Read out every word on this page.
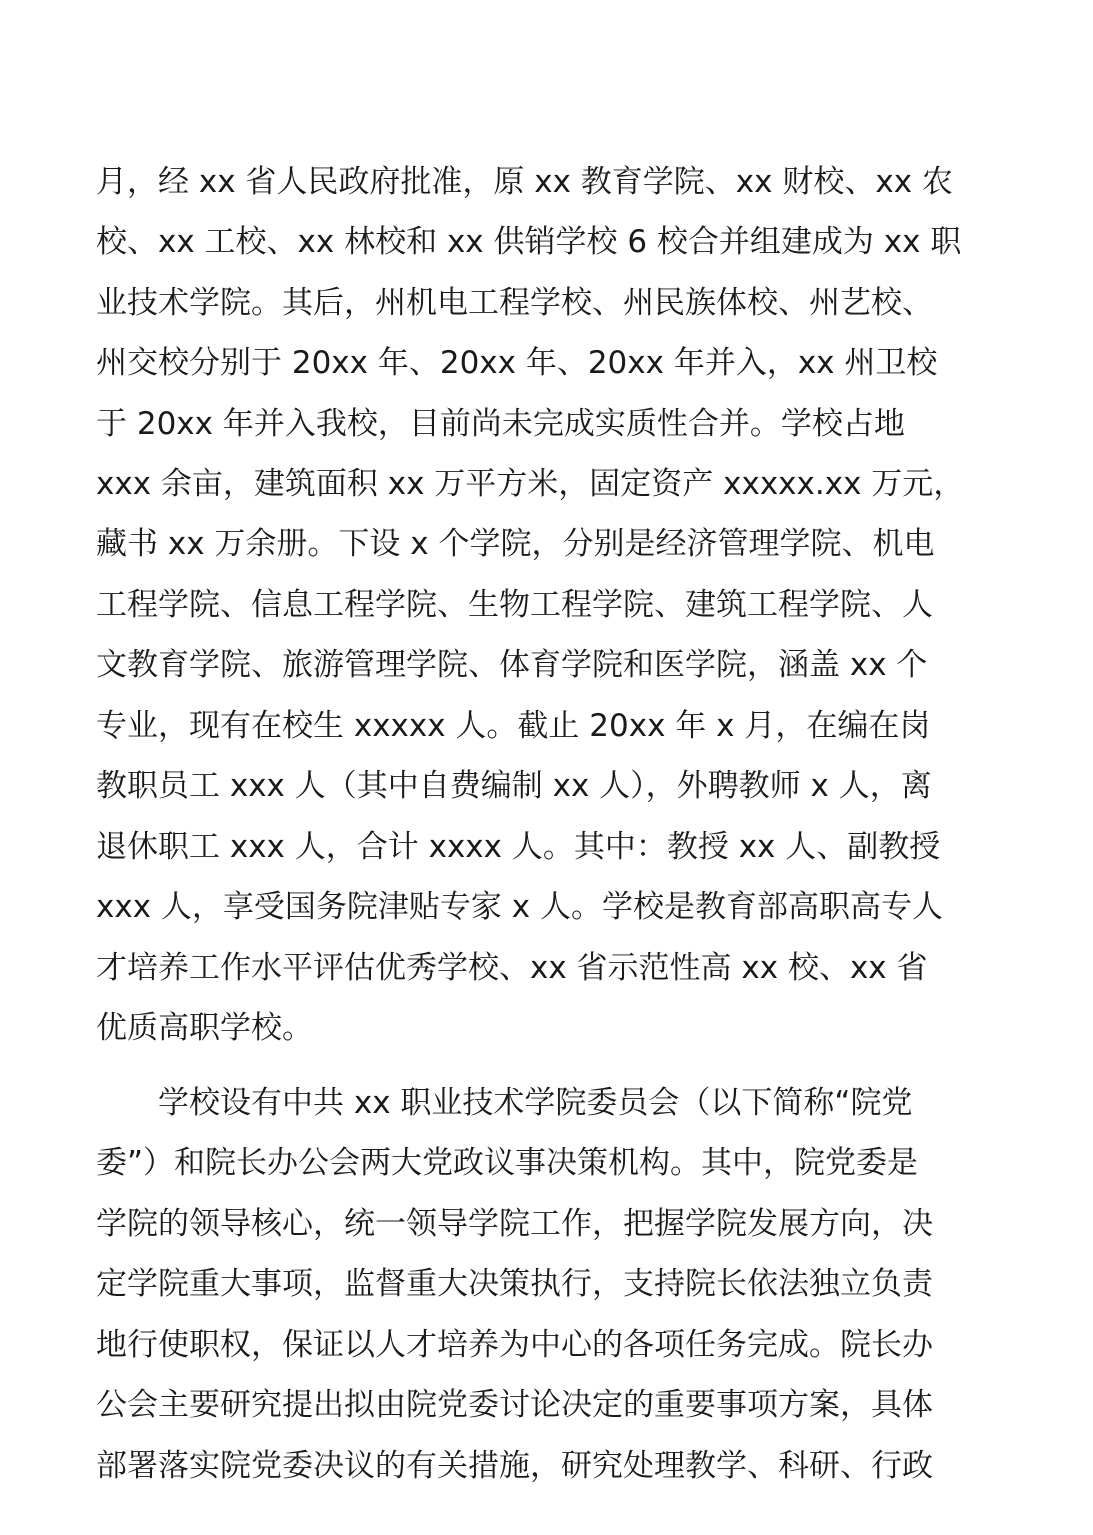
月，经 xx 省人民政府批准，原 xx 教育学院、xx 财校、xx 农
校、xx 工校、xx 林校和 xx 供销学校 6 校合并组建成为 xx 职
业技术学院。其后，州机电工程学校、州民族体校、州艺校、
州交校分别于 20xx 年、20xx 年、20xx 年并入，xx 州卫校
于 20xx 年并入我校，目前尚未完成实质性合并。学校占地
xxx 余亩，建筑面积 xx 万平方米，固定资产 xxxxx.xx 万元，
藏书 xx 万余册。下设 x 个学院，分别是经济管理学院、机电
工程学院、信息工程学院、生物工程学院、建筑工程学院、人
文教育学院、旅游管理学院、体育学院和医学院，涵盖 xx 个
专业，现有在校生 xxxxx 人。截止 20xx 年 x 月，在编在岗
教职员工 xxx 人（其中自费编制 xx 人），外聘教师 x 人，离
退休职工 xxx 人，合计 xxxx 人。其中：教授 xx 人、副教授
xxx 人，享受国务院津贴专家 x 人。学校是教育部高职高专人
才培养工作水平评估优秀学校、xx 省示范性高 xx 校、xx 省
优质高职学校。
　　学校设有中共 xx 职业技术学院委员会（以下简称“院党
委”）和院长办公会两大党政议事决策机构。其中，院党委是
学院的领导核心，统一领导学院工作，把握学院发展方向，决
定学院重大事项，监督重大决策执行，支持院长依法独立负责
地行使职权，保证以人才培养为中心的各项任务完成。院长办
公会主要研究提出拟由院党委讨论决定的重要事项方案，具体
部署落实院党委决议的有关措施，研究处理教学、科研、行政
